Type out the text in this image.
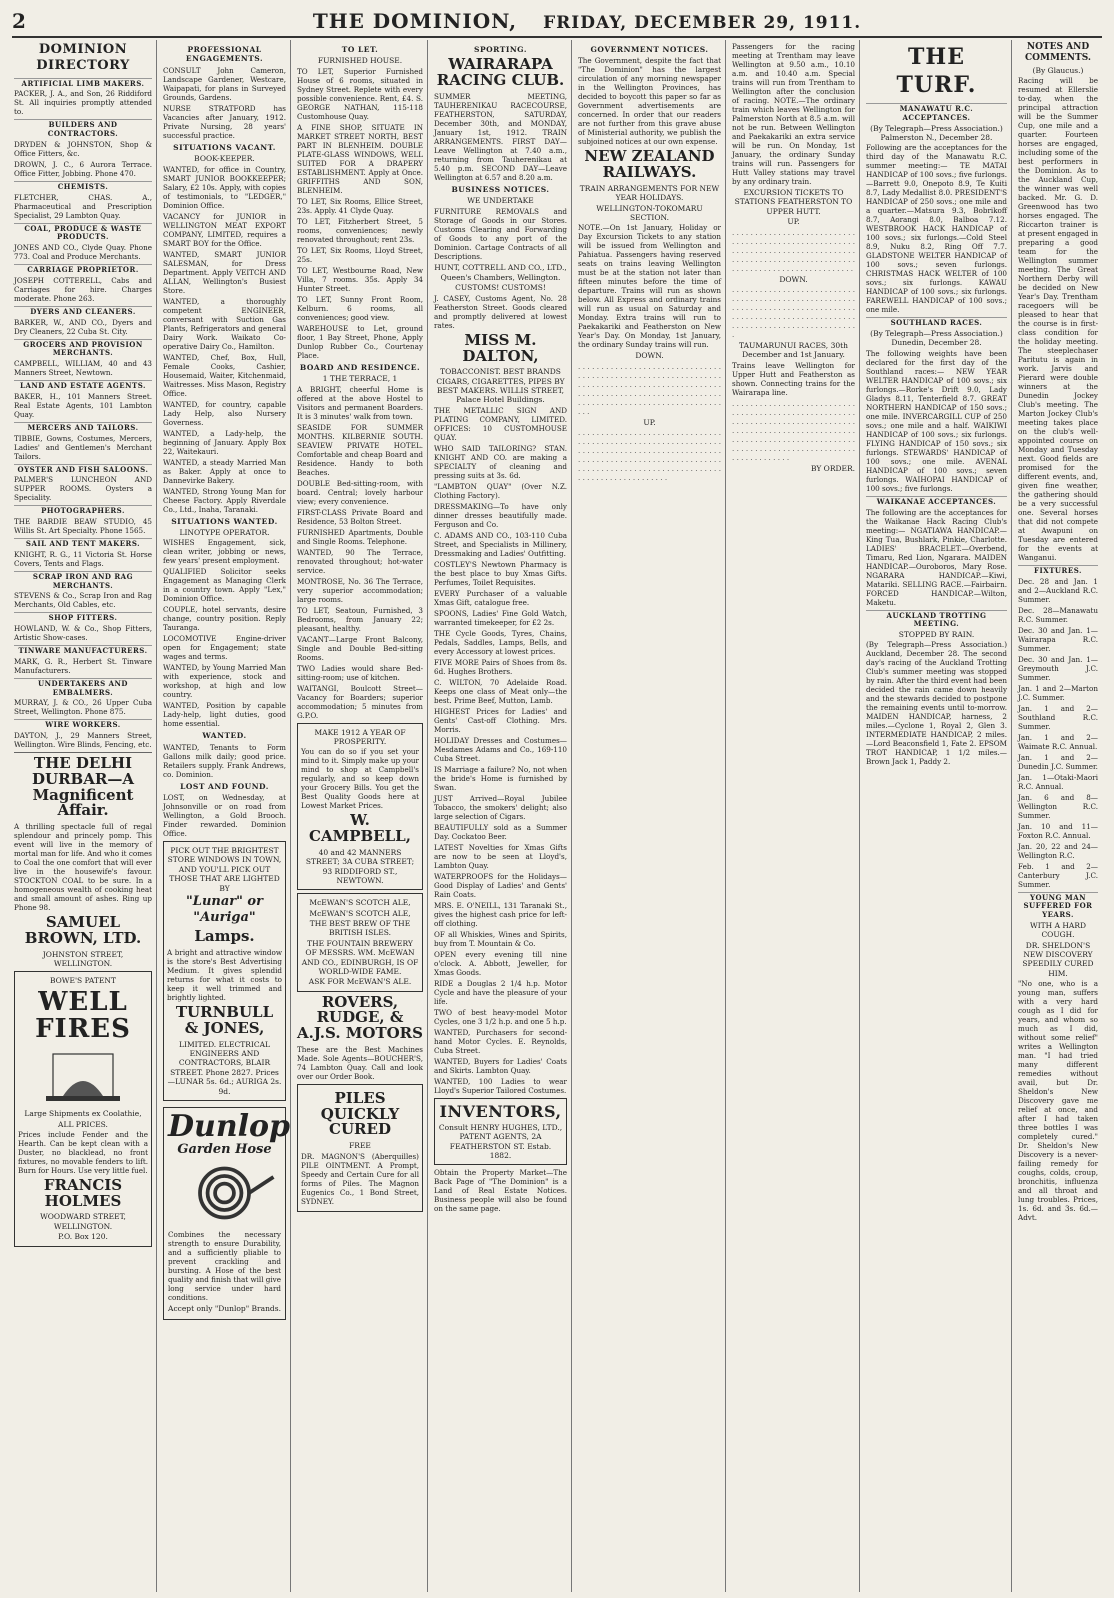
2	THE DOMINION, FRIDAY, DECEMBER 29, 1911.
DOMINION DIRECTORY
ARTIFICIAL LIMB MAKERS.

PACKER, J. A., and Son, 26 Riddiford St. All inquiries promptly attended to.

BUILDERS AND CONTRACTORS.

DRYDEN & JOHNSTON, Shop & Office Fitters, &c.

DROWN, J. C., 6 Aurora Terrace. Office Fitter, Jobbing. Phone 470.

CHEMISTS.

FLETCHER, CHAS. A., Pharmaceutical and Prescription Specialist, 29 Lambton Quay.

COAL, PRODUCE & WASTE PRODUCTS.

JONES AND CO., Clyde Quay. Phone 773. Coal and Produce Merchants.

CARRIAGE PROPRIETOR.

JOSEPH COTTERELL, Cabs and Carriages for hire. Charges moderate. Phone 263.

DYERS AND CLEANERS.

BARKER, W., AND CO., Dyers and Dry Cleaners, 22 Cuba St. City.

GROCERS AND PROVISION MERCHANTS.

CAMPBELL, WILLIAM, 40 and 43 Manners Street, Newtown.

LAND AND ESTATE AGENTS.

BAKER, H., 101 Manners Street. Real Estate Agents, 101 Lambton Quay.

MERCERS AND TAILORS.

TIBBIE, Gowns, Costumes, Mercers, Ladies' and Gentlemen's Merchant Tailors.

OYSTER AND FISH SALOONS.

PALMER'S LUNCHEON AND SUPPER ROOMS. Oysters a Speciality.

PHOTOGRAPHERS.

THE BARDIE BEAW STUDIO, 45 Willis St. Art Specialty. Phone 1565.

SAIL AND TENT MAKERS.

KNIGHT, R. G., 11 Victoria St. Horse Covers, Tents and Flags.

SCRAP IRON AND RAG MERCHANTS.

STEVENS & Co., Scrap Iron and Rag Merchants, Old Cables, etc.

SHOP FITTERS.

HOWLAND, W. & Co., Shop Fitters, Artistic Show-cases.

TINWARE MANUFACTURERS.

MARK, G. R., Herbert St. Tinware Manufacturers.

UNDERTAKERS AND EMBALMERS.

MURRAY, J. & CO., 26 Upper Cuba Street, Wellington. Phone 875.

WIRE WORKERS.

DAYTON, J., 29 Manners Street, Wellington. Wire Blinds, Fencing, etc.

THE DELHI DURBAR—A Magnificent Affair.

A thrilling spectacle full of regal splendour and princely pomp. This event will live in the memory of mortal man for life. And who it comes to Coal the one comfort that will ever live in the housewife's favour. STOCKTON COAL to be sure. In a homogeneous wealth of cooking heat and small amount of ashes. Ring up Phone 98.

SAMUEL BROWN, LTD.
JOHNSTON STREET, WELLINGTON.
BOWE'S PATENT
WELL FIRES
Large Shipments ex Coolathie,
ALL PRICES.

Prices include Fender and the Hearth. Can be kept clean with a Duster, no blacklead, no front fixtures, no movable fenders to lift. Burn for Hours. Use very little fuel.

FRANCIS HOLMES
WOODWARD STREET, WELLINGTON.
P.O. Box 120.
PROFESSIONAL ENGAGEMENTS.

CONSULT John Cameron, Landscape Gardener, Westcare, Waipapati, for plans in Surveyed Grounds, Gardens.

NURSE STRATFORD has Vacancies after January, 1912. Private Nursing, 28 years' successful practice.

SITUATIONS VACANT.
BOOK-KEEPER.

WANTED, for office in Country, SMART JUNIOR BOOKKEEPER; Salary, £2 10s. Apply, with copies of testimonials, to "LEDGER," Dominion Office.

VACANCY for JUNIOR in WELLINGTON MEAT EXPORT COMPANY, LIMITED, requires a SMART BOY for the Office.

WANTED, SMART JUNIOR SALESMAN, for Dress Department. Apply VEITCH AND ALLAN, Wellington's Busiest Store.

WANTED, a thoroughly competent ENGINEER, conversant with Suction Gas Plants, Refrigerators and general Dairy Work. Waikato Co-operative Dairy Co., Hamilton.

WANTED, Chef, Box, Hull, Female Cooks, Cashier, Housemaid, Waiter, Kitchenmaid, Waitresses. Miss Mason, Registry Office.

WANTED, for country, capable Lady Help, also Nursery Governess.

WANTED, a Lady-help, the beginning of January. Apply Box 22, Waitekauri.

WANTED, a steady Married Man as Baker. Apply at once to Dannevirke Bakery.

WANTED, Strong Young Man for Cheese Factory. Apply Riverdale Co., Ltd., Inaha, Taranaki.

SITUATIONS WANTED.
LINOTYPE OPERATOR.

WISHES Engagement, sick, clean writer, jobbing or news, few years' present employment.

QUALIFIED Solicitor seeks Engagement as Managing Clerk in a country town. Apply "Lex," Dominion Office.

COUPLE, hotel servants, desire change, country position. Reply Tauranga.

LOCOMOTIVE Engine-driver open for Engagement; state wages and terms.

WANTED, by Young Married Man with experience, stock and workshop, at high and low country.

WANTED, Position by capable Lady-help, light duties, good home essential.

WANTED.

WANTED, Tenants to Form Gallons milk daily; good price. Retailers supply. Frank Andrews, co. Dominion.

LOST AND FOUND.

LOST, on Wednesday, at Johnsonville or on road from Wellington, a Gold Brooch. Finder rewarded. Dominion Office.

PICK OUT THE BRIGHTEST STORE WINDOWS IN TOWN, AND YOU'LL PICK OUT THOSE THAT ARE LIGHTED BY
"Lunar" or "Auriga"
Lamps.

A bright and attractive window is the store's Best Advertising Medium. It gives splendid returns for what it costs to keep it well trimmed and brightly lighted.

TURNBULL & JONES,
LIMITED. ELECTRICAL ENGINEERS AND CONTRACTORS, BLAIR STREET. Phone 2827. Prices—LUNAR 5s. 6d.; AURIGA 2s. 9d.
Dunlop
Garden Hose

Combines the necessary strength to ensure Durability, and a sufficiently pliable to prevent crackling and bursting. A Hose of the best quality and finish that will give long service under hard conditions.

Accept only "Dunlop" Brands.
TO LET.
FURNISHED HOUSE.

TO LET, Superior Furnished House of 6 rooms, situated in Sydney Street. Replete with every possible convenience. Rent, £4. S. GEORGE NATHAN, 115-118 Customhouse Quay.

A FINE SHOP, SITUATE IN MARKET STREET NORTH, BEST PART IN BLENHEIM. DOUBLE PLATE-GLASS WINDOWS, WELL SUITED FOR A DRAPERY ESTABLISHMENT. Apply at Once. GRIFFITHS AND SON, BLENHEIM.

TO LET, Six Rooms, Ellice Street, 23s. Apply. 41 Clyde Quay.

TO LET, Fitzherbert Street, 5 rooms, conveniences; newly renovated throughout; rent 23s.

TO LET, Six Rooms, Lloyd Street, 25s.

TO LET, Westbourne Road, New Villa, 7 rooms. 35s. Apply 34 Hunter Street.

TO LET, Sunny Front Room, Kelburn. 6 rooms, all conveniences; good view.

WAREHOUSE to Let, ground floor, 1 Bay Street, Phone, Apply Dunlop Rubber Co., Courtenay Place.

BOARD AND RESIDENCE.
1 THE TERRACE, 1

A BRIGHT, cheerful Home is offered at the above Hostel to Visitors and permanent Boarders. It is 3 minutes' walk from town.

SEASIDE FOR SUMMER MONTHS. KILBERNIE SOUTH. SEAVIEW PRIVATE HOTEL. Comfortable and cheap Board and Residence. Handy to both Beaches.

DOUBLE Bed-sitting-room, with board. Central; lovely harbour view; every convenience.

FIRST-CLASS Private Board and Residence, 53 Bolton Street.

FURNISHED Apartments, Double and Single Rooms. Telephone.

WANTED, 90 The Terrace, renovated throughout; hot-water service.

MONTROSE, No. 36 The Terrace, very superior accommodation; large rooms.

TO LET, Seatoun, Furnished, 3 Bedrooms, from January 22; pleasant, healthy.

VACANT—Large Front Balcony, Single and Double Bed-sitting Rooms.

TWO Ladies would share Bed-sitting-room; use of kitchen.

WAITANGI, Boulcott Street—Vacancy for Boarders; superior accommodation; 5 minutes from G.P.O.

MAKE 1912 A YEAR OF PROSPERITY.

You can do so if you set your mind to it. Simply make up your mind to shop at Campbell's regularly, and so keep down your Grocery Bills. You get the Best Quality Goods here at Lowest Market Prices.

W. CAMPBELL,
40 and 42 MANNERS STREET; 3A CUBA STREET; 93 RIDDIFORD ST., NEWTOWN.
McEWAN'S SCOTCH ALE,
McEWAN'S SCOTCH ALE,
THE BEST BREW OF THE BRITISH ISLES.
THE FOUNTAIN BREWERY OF MESSRS. WM. McEWAN AND CO., EDINBURGH, IS OF WORLD-WIDE FAME.
ASK FOR McEWAN'S ALE.
ROVERS, RUDGE, & A.J.S. MOTORS

These are the Best Machines Made. Sole Agents—BOUCHER'S, 74 Lambton Quay. Call and look over our Order Book.

PILES QUICKLY CURED
FREE

DR. MAGNON'S (Aberquilles) PILE OINTMENT. A Prompt, Speedy and Certain Cure for all forms of Piles. The Magnon Eugenics Co., 1 Bond Street, SYDNEY.

SPORTING.
WAIRARAPA RACING CLUB.

SUMMER MEETING, TAUHERENIKAU RACECOURSE, FEATHERSTON, SATURDAY, December 30th, and MONDAY, January 1st, 1912. TRAIN ARRANGEMENTS. FIRST DAY—Leave Wellington at 7.40 a.m., returning from Tauherenikau at 5.40 p.m. SECOND DAY—Leave Wellington at 6.57 and 8.20 a.m.

BUSINESS NOTICES.
WE UNDERTAKE

FURNITURE REMOVALS and Storage of Goods in our Stores. Customs Clearing and Forwarding of Goods to any port of the Dominion. Cartage Contracts of all Descriptions.

HUNT, COTTRELL AND CO., LTD.,
Queen's Chambers, Wellington.
CUSTOMS! CUSTOMS!

J. CASEY, Customs Agent, No. 28 Featherston Street. Goods cleared and promptly delivered at lowest rates.

MISS M. DALTON,
TOBACCONIST. BEST BRANDS CIGARS, CIGARETTES, PIPES BY BEST MAKERS. WILLIS STREET, Palace Hotel Buildings.

THE METALLIC SIGN AND PLATING COMPANY, LIMITED. OFFICES: 10 CUSTOMHOUSE QUAY.

WHO SAID TAILORING? STAN. KNIGHT AND CO. are making a SPECIALTY of cleaning and pressing suits at 3s. 6d.

"LAMBTON QUAY" (Over N.Z. Clothing Factory).

DRESSMAKING—To have only dinner dresses beautifully made. Ferguson and Co.

C. ADAMS AND CO., 103-110 Cuba Street, and Specialists in Millinery, Dressmaking and Ladies' Outfitting.

COSTLEY'S Newtown Pharmacy is the best place to buy Xmas Gifts. Perfumes, Toilet Requisites.

EVERY Purchaser of a valuable Xmas Gift, catalogue free.

SPOONS, Ladies' Fine Gold Watch, warranted timekeeper, for £2 2s.

THE Cycle Goods, Tyres, Chains, Pedals, Saddles, Lamps, Bells, and every Accessory at lowest prices.

FIVE MORE Pairs of Shoes from 8s. 6d. Hughes Brothers.

C. WILTON, 70 Adelaide Road. Keeps one class of Meat only—the best. Prime Beef, Mutton, Lamb.

HIGHEST Prices for Ladies' and Gents' Cast-off Clothing. Mrs. Morris.

HOLIDAY Dresses and Costumes—Mesdames Adams and Co., 169-110 Cuba Street.

IS Marriage a failure? No, not when the bride's Home is furnished by Swan.

JUST Arrived—Royal Jubilee Tobacco, the smokers' delight; also large selection of Cigars.

BEAUTIFULLY sold as a Summer Day. Cockatoo Beer.

LATEST Novelties for Xmas Gifts are now to be seen at Lloyd's, Lambton Quay.

WATERPROOFS for the Holidays—Good Display of Ladies' and Gents' Rain Coats.

MRS. E. O'NEILL, 131 Taranaki St., gives the highest cash price for left-off clothing.

OF all Whiskies, Wines and Spirits, buy from T. Mountain & Co.

OPEN every evening till nine o'clock. A. Abbott, Jeweller, for Xmas Goods.

RIDE a Douglas 2 1/4 h.p. Motor Cycle and have the pleasure of your life.

TWO of best heavy-model Motor Cycles, one 3 1/2 h.p. and one 5 h.p.

WANTED, Purchasers for second-hand Motor Cycles. E. Reynolds, Cuba Street.

WANTED, Buyers for Ladies' Coats and Skirts. Lambton Quay.

WANTED, 100 Ladies to wear Lloyd's Superior Tailored Costumes.

INVENTORS,
Consult HENRY HUGHES, LTD., PATENT AGENTS, 2A FEATHERSTON ST. Estab. 1882.

Obtain the Property Market—The Back Page of "The Dominion" is a Land of Real Estate Notices. Business people will also be found on the same page.

GOVERNMENT NOTICES.

The Government, despite the fact that "The Dominion" has the largest circulation of any morning newspaper in the Wellington Provinces, has decided to boycott this paper so far as Government advertisements are concerned. In order that our readers are not further from this grave abuse of Ministerial authority, we publish the subjoined notices at our own expense.

NEW ZEALAND RAILWAYS.
TRAIN ARRANGEMENTS FOR NEW YEAR HOLIDAYS.
WELLINGTON-TOKOMARU SECTION.

NOTE.—On 1st January, Holiday or Day Excursion Tickets to any station will be issued from Wellington and Pahiatua. Passengers having reserved seats on trains leaving Wellington must be at the station not later than fifteen minutes before the time of departure. Trains will run as shown below. All Express and ordinary trains will run as usual on Saturday and Monday. Extra trains will run to Paekakariki and Featherston on New Year's Day. On Monday, 1st January, the ordinary Sunday trains will run.

DOWN.

. . . . . . . . . . . . . . . . . . . . . . . . . . . . . . . . . . . . . . . . . . . . . . . . . . . . . . . . . . . . . . . . . . . . . . . . . . . . . . . . . . . . . . . . . . . . . . . . . . . . . . . . . . . . . . . . . . . . . . . . . . . . . . . . . . . . . . . . . . . . . . . . . . . . . . . . . . . . . .

UP.

. . . . . . . . . . . . . . . . . . . . . . . . . . . . . . . . . . . . . . . . . . . . . . . . . . . . . . . . . . . . . . . . . . . . . . . . . . . . . . . . . . . . . . . . . . . . . . . . . . . . . . . . . . . . . . . . . . . . . . . . . . . . . . . . . . . . . . . . . . . . . . . . . . . . . . . . . . . . . . . . . . . . . . . . . . . . . . .

Passengers for the racing meeting at Trentham may leave Wellington at 9.50 a.m., 10.10 a.m. and 10.40 a.m. Special trains will run from Trentham to Wellington after the conclusion of racing. NOTE.—The ordinary train which leaves Wellington for Palmerston North at 8.5 a.m. will not be run. Between Wellington and Paekakariki an extra service will be run. On Monday, 1st January, the ordinary Sunday trains will run. Passengers for Hutt Valley stations may travel by any ordinary train.

EXCURSION TICKETS TO STATIONS FEATHERSTON TO UPPER HUTT.
UP.

. . . . . . . . . . . . . . . . . . . . . . . . . . . . . . . . . . . . . . . . . . . . . . . . . . . . . . . . . . . . . . . . . . . . . . . . . . . . . . . . . . . . . . . . . . . . . . . . . . . . . . . . . . . . . . . . . . . . . . . . . . . . . . . . . . . . . . .

DOWN.

. . . . . . . . . . . . . . . . . . . . . . . . . . . . . . . . . . . . . . . . . . . . . . . . . . . . . . . . . . . . . . . . . . . . . . . . . . . . . . . . . . . . . . . . . . . . . . . . . . . . . . . . . . . . . . . . . . . . . . . . . . . . . . . . . . . . . . . .

TAUMARUNUI RACES, 30th December and 1st January.

Trains leave Wellington for Upper Hutt and Featherston as shown. Connecting trains for the Wairarapa line.

. . . . . . . . . . . . . . . . . . . . . . . . . . . . . . . . . . . . . . . . . . . . . . . . . . . . . . . . . . . . . . . . . . . . . . . . . . . . . . . . . . . . . . . . . . . . . . . . . . . . . . . . . . . . . . . . . . . . . . . . . . . . . . . . . . . . . . . . . . . . . . . . . . . . . . . . . . . . . . . . . . . . . . . . . . . . . . .

BY ORDER.
THE TURF.
MANAWATU R.C. ACCEPTANCES.
(By Telegraph—Press Association.) Palmerston N., December 28.

Following are the acceptances for the third day of the Manawatu R.C. summer meeting:— TE MATAI HANDICAP of 100 sovs.; five furlongs.—Barrett 9.0, Onepoto 8.9, Te Kuiti 8.7, Lady Medallist 8.0. PRESIDENT'S HANDICAP of 250 sovs.; one mile and a quarter.—Matsura 9.3, Bobrikoff 8.7, Aorangi 8.0, Balboa 7.12. WESTBROOK HACK HANDICAP of 100 sovs.; six furlongs.—Cold Steel 8.9, Nuku 8.2, Ring Off 7.7. GLADSTONE WELTER HANDICAP of 100 sovs.; seven furlongs. CHRISTMAS HACK WELTER of 100 sovs.; six furlongs. KAWAU HANDICAP of 100 sovs.; six furlongs. FAREWELL HANDICAP of 100 sovs.; one mile.

SOUTHLAND RACES.
(By Telegraph—Press Association.) Dunedin, December 28.

The following weights have been declared for the first day of the Southland races:— NEW YEAR WELTER HANDICAP of 100 sovs.; six furlongs.—Rorke's Drift 9.0, Lady Gladys 8.11, Tenterfield 8.7. GREAT NORTHERN HANDICAP of 150 sovs.; one mile. INVERCARGILL CUP of 250 sovs.; one mile and a half. WAIKIWI HANDICAP of 100 sovs.; six furlongs. FLYING HANDICAP of 150 sovs.; six furlongs. STEWARDS' HANDICAP of 100 sovs.; one mile. AVENAL HANDICAP of 100 sovs.; seven furlongs. WAIHOPAI HANDICAP of 100 sovs.; five furlongs.

WAIKANAE ACCEPTANCES.

The following are the acceptances for the Waikanae Hack Racing Club's meeting:— NGATIAWA HANDICAP.—King Tua, Bushlark, Pinkie, Charlotte. LADIES' BRACELET.—Overbend, Timaru, Red Lion, Ngarara. MAIDEN HANDICAP.—Ouroboros, Mary Rose. NGARARA HANDICAP.—Kiwi, Matariki. SELLING RACE.—Fairbairn. FORCED HANDICAP.—Wilton, Maketu.

AUCKLAND TROTTING MEETING.
STOPPED BY RAIN.

(By Telegraph—Press Association.) Auckland, December 28. The second day's racing of the Auckland Trotting Club's summer meeting was stopped by rain. After the third event had been decided the rain came down heavily and the stewards decided to postpone the remaining events until to-morrow. MAIDEN HANDICAP, harness, 2 miles.—Cyclone 1, Royal 2, Glen 3. INTERMEDIATE HANDICAP, 2 miles.—Lord Beaconsfield 1, Fate 2. EPSOM TROT HANDICAP, 1 1/2 miles.—Brown Jack 1, Paddy 2.

NOTES AND COMMENTS.
(By Glaucus.)

Racing will be resumed at Ellerslie to-day, when the principal attraction will be the Summer Cup, one mile and a quarter. Fourteen horses are engaged, including some of the best performers in the Dominion. As to the Auckland Cup, the winner was well backed. Mr. G. D. Greenwood has two horses engaged. The Riccarton trainer is at present engaged in preparing a good team for the Wellington summer meeting. The Great Northern Derby will be decided on New Year's Day. Trentham racegoers will be pleased to hear that the course is in first-class condition for the holiday meeting. The steeplechaser Paritutu is again in work. Jarvis and Pierard were double winners at the Dunedin Jockey Club's meeting. The Marton Jockey Club's meeting takes place on the club's well-appointed course on Monday and Tuesday next. Good fields are promised for the different events, and, given fine weather, the gathering should be a very successful one. Several horses that did not compete at Awapuni on Tuesday are entered for the events at Wanganui.

FIXTURES.

Dec. 28 and Jan. 1 and 2—Auckland R.C. Summer.

Dec. 28—Manawatu R.C. Summer.

Dec. 30 and Jan. 1—Wairarapa R.C. Summer.

Dec. 30 and Jan. 1—Greymouth J.C. Summer.

Jan. 1 and 2—Marton J.C. Summer.

Jan. 1 and 2—Southland R.C. Summer.

Jan. 1 and 2—Waimate R.C. Annual.

Jan. 1 and 2—Dunedin J.C. Summer.

Jan. 1—Otaki-Maori R.C. Annual.

Jan. 6 and 8—Wellington R.C. Summer.

Jan. 10 and 11—Foxton R.C. Annual.

Jan. 20, 22 and 24—Wellington R.C.

Feb. 1 and 2—Canterbury J.C. Summer.

YOUNG MAN SUFFERED FOR YEARS.
WITH A HARD COUGH.
DR. SHELDON'S NEW DISCOVERY SPEEDILY CURED HIM.

"No one, who is a young man, suffers with a very hard cough as I did for years, and whom so much as I did, without some relief" writes a Wellington man. "I had tried many different remedies without avail, but Dr. Sheldon's New Discovery gave me relief at once, and after I had taken three bottles I was completely cured." Dr. Sheldon's New Discovery is a never-failing remedy for coughs, colds, croup, bronchitis, influenza and all throat and lung troubles. Prices, 1s. 6d. and 3s. 6d.—Advt.
